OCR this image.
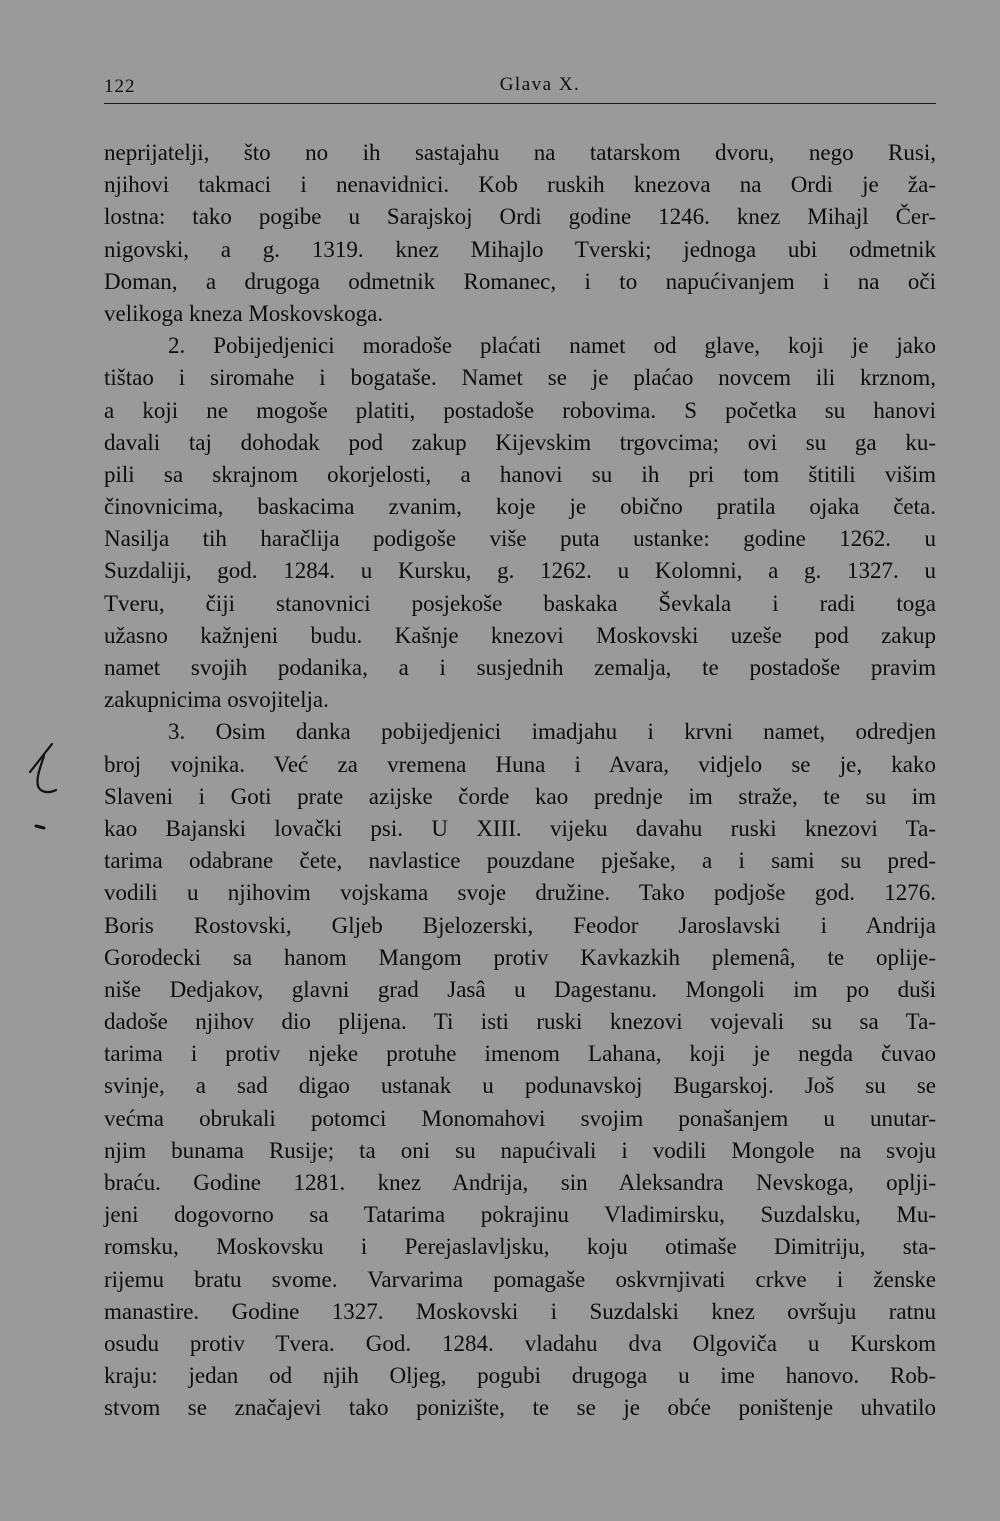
122	Glava X.
neprijatelji, što no ih sastajahu na tatarskom dvoru, nego Rusi,
njihovi takmaci i nenavidnici. Kob ruskih knezova na Ordi je ža-
lostna: tako pogibe u Sarajskoj Ordi godine 1246. knez Mihajl Čer-
nigovski, a g. 1319. knez Mihajlo Tverski; jednoga ubi odmetnik
Doman, a drugoga odmetnik Romanec, i to napućivanjem i na oči
velikoga kneza Moskovskoga.
2. Pobijedjenici moradoše plaćati namet od glave, koji je jako
tištao i siromahe i bogataše. Namet se je plaćao novcem ili krznom,
a koji ne mogoše platiti, postadoše robovima. S početka su hanovi
davali taj dohodak pod zakup Kijevskim trgovcima; ovi su ga ku-
pili sa skrajnom okorjelosti, a hanovi su ih pri tom štitili višim
činovnicima, baskacima zvanim, koje je obično pratila ojaka četa.
Nasilja tih haračlija podigoše više puta ustanke: godine 1262. u
Suzdaliji, god. 1284. u Kursku, g. 1262. u Kolomni, a g. 1327. u
Tveru, čiji stanovnici posjekoše baskaka Ševkala i radi toga
užasno kažnjeni budu. Kašnje knezovi Moskovski uzeše pod zakup
namet svojih podanika, a i susjednih zemalja, te postadoše pravim
zakupnicima osvojitelja.
3. Osim danka pobijedjenici imadjahu i krvni namet, odredjen
broj vojnika. Već za vremena Huna i Avara, vidjelo se je, kako
Slaveni i Goti prate azijske čorde kao prednje im straže, te su im
kao Bajanski lovački psi. U XIII. vijeku davahu ruski knezovi Ta-
tarima odabrane čete, navlastice pouzdane pješake, a i sami su pred-
vodili u njihovim vojskama svoje družine. Tako podjoše god. 1276.
Boris Rostovski, Gljeb Bjelozerski, Feodor Jaroslavski i Andrija
Gorodecki sa hanom Mangom protiv Kavkazkih plemenâ, te oplije-
niše Dedjakov, glavni grad Jasâ u Dagestanu. Mongoli im po duši
dadoše njihov dio plijena. Ti isti ruski knezovi vojevali su sa Ta-
tarima i protiv njeke protuhe imenom Lahana, koji je negda čuvao
svinje, a sad digao ustanak u podunavskoj Bugarskoj. Još su se
većma obrukali potomci Monomahovi svojim ponašanjem u unutar-
njim bunama Rusije; ta oni su napućivali i vodili Mongole na svoju
braću. Godine 1281. knez Andrija, sin Aleksandra Nevskoga, oplji-
jeni dogovorno sa Tatarima pokrajinu Vladimirsku, Suzdalsku, Mu-
romsku, Moskovsku i Perejaslavljsku, koju otimaše Dimitriju, sta-
rijemu bratu svome. Varvarima pomagaše oskvrnjivati crkve i ženske
manastire. Godine 1327. Moskovski i Suzdalski knez ovršuju ratnu
osudu protiv Tvera. God. 1284. vladahu dva Olgoviča u Kurskom
kraju: jedan od njih Oljeg, pogubi drugoga u ime hanovo. Rob-
stvom se značajevi tako ponizište, te se je obće poništenje uhvatilo
